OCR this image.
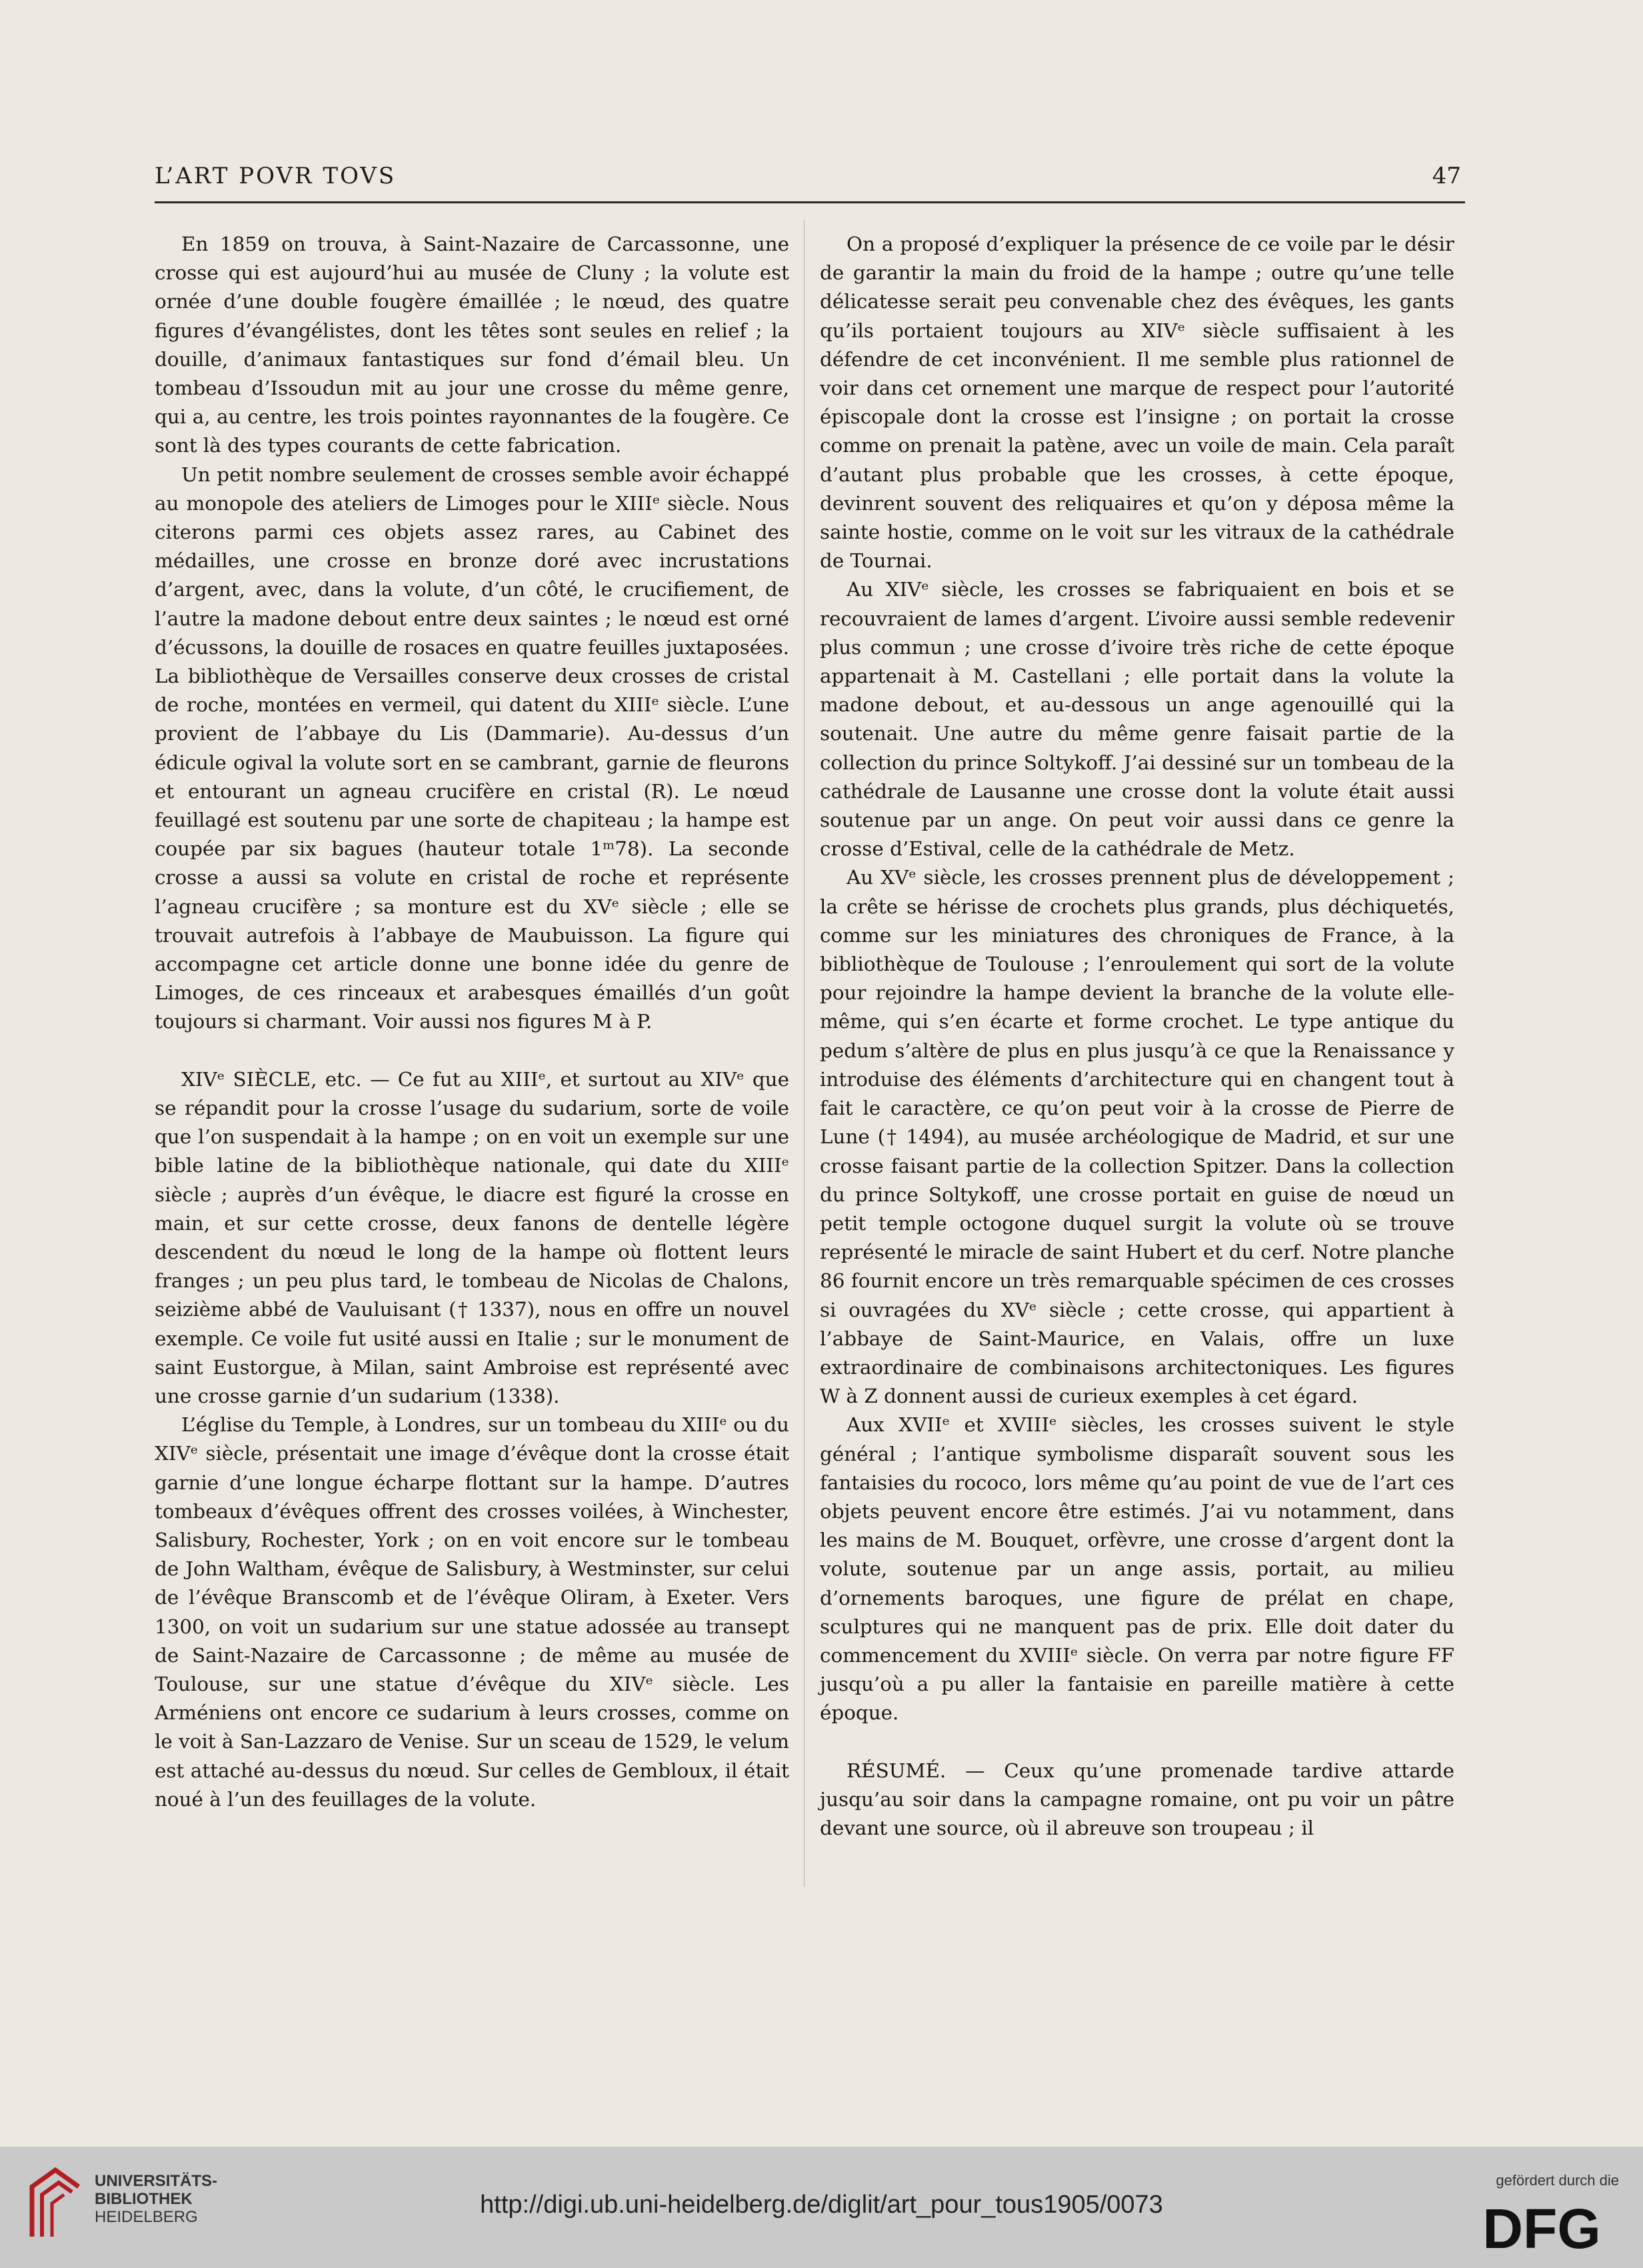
L’ART POVR TOVS	47

En 1859 on trouva, à Saint-Nazaire de Carcassonne, une crosse qui est aujourd’hui au musée de Cluny ; la volute est ornée d’une double fougère émaillée ; le nœud, des quatre figures d’évangélistes, dont les têtes sont seules en relief ; la douille, d’animaux fantastiques sur fond d’émail bleu. Un tombeau d’Issoudun mit au jour une crosse du même genre, qui a, au centre, les trois pointes rayonnantes de la fougère. Ce sont là des types courants de cette fabrication.

Un petit nombre seulement de crosses semble avoir échappé au monopole des ateliers de Limoges pour le XIIIᵉ siècle. Nous citerons parmi ces objets assez rares, au Cabinet des médailles, une crosse en bronze doré avec incrustations d’argent, avec, dans la volute, d’un côté, le crucifiement, de l’autre la madone debout entre deux saintes ; le nœud est orné d’écussons, la douille de rosaces en quatre feuilles juxtaposées. La bibliothèque de Versailles conserve deux crosses de cristal de roche, montées en vermeil, qui datent du XIIIᵉ siècle. L’une provient de l’abbaye du Lis (Dammarie). Au-dessus d’un édicule ogival la volute sort en se cambrant, garnie de fleurons et entourant un agneau crucifère en cristal (R). Le nœud feuillagé est soutenu par une sorte de chapiteau ; la hampe est coupée par six bagues (hauteur totale 1ᵐ78). La seconde crosse a aussi sa volute en cristal de roche et représente l’agneau crucifère ; sa monture est du XVᵉ siècle ; elle se trouvait autrefois à l’abbaye de Maubuisson. La figure qui accompagne cet article donne une bonne idée du genre de Limoges, de ces rinceaux et arabesques émaillés d’un goût toujours si charmant. Voir aussi nos figures M à P.

XIVᵉ SIÈCLE, etc. — Ce fut au XIIIᵉ, et surtout au XIVᵉ que se répandit pour la crosse l’usage du sudarium, sorte de voile que l’on suspendait à la hampe ; on en voit un exemple sur une bible latine de la bibliothèque nationale, qui date du XIIIᵉ siècle ; auprès d’un évêque, le diacre est figuré la crosse en main, et sur cette crosse, deux fanons de dentelle légère descendent du nœud le long de la hampe où flottent leurs franges ; un peu plus tard, le tombeau de Nicolas de Chalons, seizième abbé de Vauluisant († 1337), nous en offre un nouvel exemple. Ce voile fut usité aussi en Italie ; sur le monument de saint Eustorgue, à Milan, saint Ambroise est représenté avec une crosse garnie d’un sudarium (1338).

L’église du Temple, à Londres, sur un tombeau du XIIIᵉ ou du XIVᵉ siècle, présentait une image d’évêque dont la crosse était garnie d’une longue écharpe flottant sur la hampe. D’autres tombeaux d’évêques offrent des crosses voilées, à Winchester, Salisbury, Rochester, York ; on en voit encore sur le tombeau de John Waltham, évêque de Salisbury, à Westminster, sur celui de l’évêque Branscomb et de l’évêque Oliram, à Exeter. Vers 1300, on voit un sudarium sur une statue adossée au transept de Saint-Nazaire de Carcassonne ; de même au musée de Toulouse, sur une statue d’évêque du XIVᵉ siècle. Les Arméniens ont encore ce sudarium à leurs crosses, comme on le voit à San-Lazzaro de Venise. Sur un sceau de 1529, le velum est attaché au-dessus du nœud. Sur celles de Gembloux, il était noué à l’un des feuillages de la volute.

On a proposé d’expliquer la présence de ce voile par le désir de garantir la main du froid de la hampe ; outre qu’une telle délicatesse serait peu convenable chez des évêques, les gants qu’ils portaient toujours au XIVᵉ siècle suffisaient à les défendre de cet inconvénient. Il me semble plus rationnel de voir dans cet ornement une marque de respect pour l’autorité épiscopale dont la crosse est l’insigne ; on portait la crosse comme on prenait la patène, avec un voile de main. Cela paraît d’autant plus probable que les crosses, à cette époque, devinrent souvent des reliquaires et qu’on y déposa même la sainte hostie, comme on le voit sur les vitraux de la cathédrale de Tournai.

Au XIVᵉ siècle, les crosses se fabriquaient en bois et se recouvraient de lames d’argent. L’ivoire aussi semble redevenir plus commun ; une crosse d’ivoire très riche de cette époque appartenait à M. Castellani ; elle portait dans la volute la madone debout, et au-dessous un ange agenouillé qui la soutenait. Une autre du même genre faisait partie de la collection du prince Soltykoff. J’ai dessiné sur un tombeau de la cathédrale de Lausanne une crosse dont la volute était aussi soutenue par un ange. On peut voir aussi dans ce genre la crosse d’Estival, celle de la cathédrale de Metz.

Au XVᵉ siècle, les crosses prennent plus de développement ; la crête se hérisse de crochets plus grands, plus déchiquetés, comme sur les miniatures des chroniques de France, à la bibliothèque de Toulouse ; l’enroulement qui sort de la volute pour rejoindre la hampe devient la branche de la volute elle-même, qui s’en écarte et forme crochet. Le type antique du pedum s’altère de plus en plus jusqu’à ce que la Renaissance y introduise des éléments d’architecture qui en changent tout à fait le caractère, ce qu’on peut voir à la crosse de Pierre de Lune († 1494), au musée archéologique de Madrid, et sur une crosse faisant partie de la collection Spitzer. Dans la collection du prince Soltykoff, une crosse portait en guise de nœud un petit temple octogone duquel surgit la volute où se trouve représenté le miracle de saint Hubert et du cerf. Notre planche 86 fournit encore un très remarquable spécimen de ces crosses si ouvragées du XVᵉ siècle ; cette crosse, qui appartient à l’abbaye de Saint-Maurice, en Valais, offre un luxe extraordinaire de combinaisons architectoniques. Les figures W à Z donnent aussi de curieux exemples à cet égard.

Aux XVIIᵉ et XVIIIᵉ siècles, les crosses suivent le style général ; l’antique symbolisme disparaît souvent sous les fantaisies du rococo, lors même qu’au point de vue de l’art ces objets peuvent encore être estimés. J’ai vu notamment, dans les mains de M. Bouquet, orfèvre, une crosse d’argent dont la volute, soutenue par un ange assis, portait, au milieu d’ornements baroques, une figure de prélat en chape, sculptures qui ne manquent pas de prix. Elle doit dater du commencement du XVIIIᵉ siècle. On verra par notre figure FF jusqu’où a pu aller la fantaisie en pareille matière à cette époque.

RÉSUMÉ. — Ceux qu’une promenade tardive attarde jusqu’au soir dans la campagne romaine, ont pu voir un pâtre devant une source, où il abreuve son troupeau ; il

UNIVERSITÄTS-
BIBLIOTHEK
HEIDELBERG	http://digi.ub.uni-heidelberg.de/diglit/art_pour_tous1905/0073
gefördert durch die
DFG
